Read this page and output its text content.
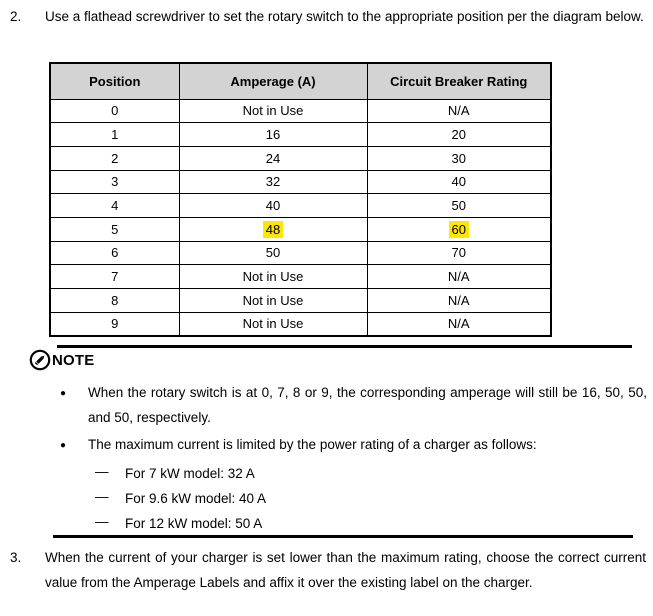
2.	Use a flathead screwdriver to set the rotary switch to the appropriate position per the diagram below.
Position	Amperage (A)	Circuit Breaker Rating
0	Not in Use	N/A
1	16	20
2	24	30
3	32	40
4	40	50
5	48	60
6	50	70
7	Not in Use	N/A
8	Not in Use	N/A
9	Not in Use	N/A
NOTE
● When the rotary switch is at 0, 7, 8 or 9, the corresponding amperage will still be 16, 50, 50, and 50, respectively.
● The maximum current is limited by the power rating of a charger as follows:
— For 7 kW model: 32 A
— For 9.6 kW model: 40 A
— For 12 kW model: 50 A
3.	When the current of your charger is set lower than the maximum rating, choose the correct current value from the Amperage Labels and affix it over the existing label on the charger.
